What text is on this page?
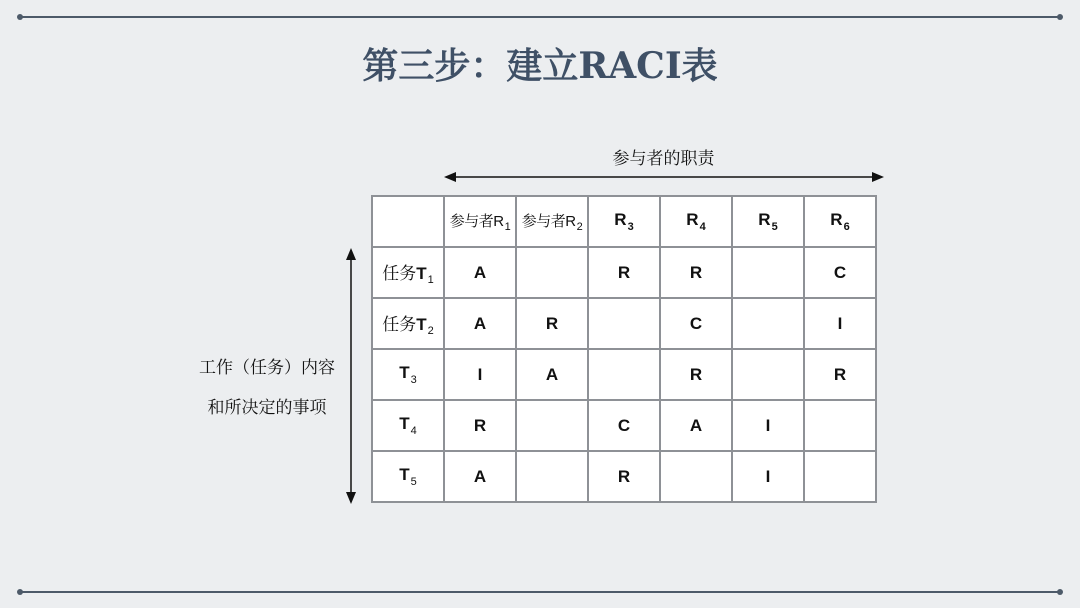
第三步：建立RACI表
参与者的职责
工作（任务）内容
和所决定的事项
	参与者$R_1$	参与者$R_2$	$R_3$	$R_4$	$R_5$	$R_6$
任务$T_1$	A		R	R		C
任务$T_2$	A	R		C		I
$T_3$	I	A		R		R
$T_4$	R		C	A	I	
$T_5$	A		R		I	
